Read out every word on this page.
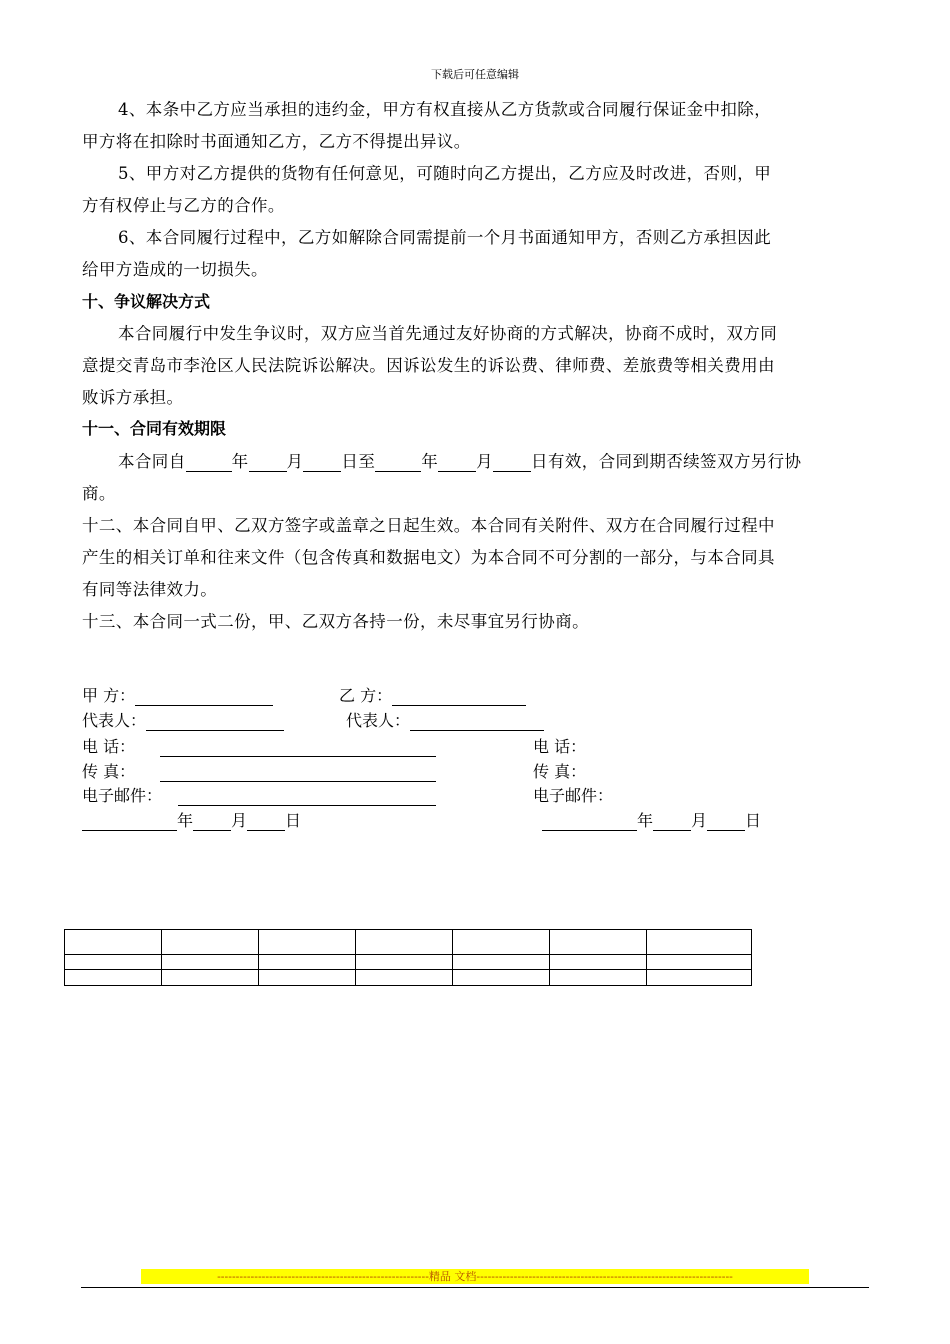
下载后可任意编辑
4、本条中乙方应当承担的违约金，甲方有权直接从乙方货款或合同履行保证金中扣除，
甲方将在扣除时书面通知乙方，乙方不得提出异议。
5、甲方对乙方提供的货物有任何意见，可随时向乙方提出，乙方应及时改进，否则，甲
方有权停止与乙方的合作。
6、本合同履行过程中，乙方如解除合同需提前一个月书面通知甲方，否则乙方承担因此
给甲方造成的一切损失。
十、争议解决方式
本合同履行中发生争议时，双方应当首先通过友好协商的方式解决，协商不成时，双方同
意提交青岛市李沧区人民法院诉讼解决。因诉讼发生的诉讼费、律师费、差旅费等相关费用由
败诉方承担。
十一、合同有效期限
本合同自	年 月 日至	年 月 日有效，合同到期否续签双方另行协
商。
十二、本合同自甲、乙双方签字或盖章之日起生效。本合同有关附件、双方在合同履行过程中
产生的相关订单和往来文件（包含传真和数据电文）为本合同不可分割的一部分，与本合同具
有同等法律效力。
十三、本合同一式二份，甲、乙双方各持一份，未尽事宜另行协商。
甲 方：	乙 方：
代表人：	代表人：
电 话：	电 话：
传 真：	传 真：
电子邮件：	电子邮件：
年 月 日	年 月 日

---------------------------------------------------------精品 文档---------------------------------------------------------------------
